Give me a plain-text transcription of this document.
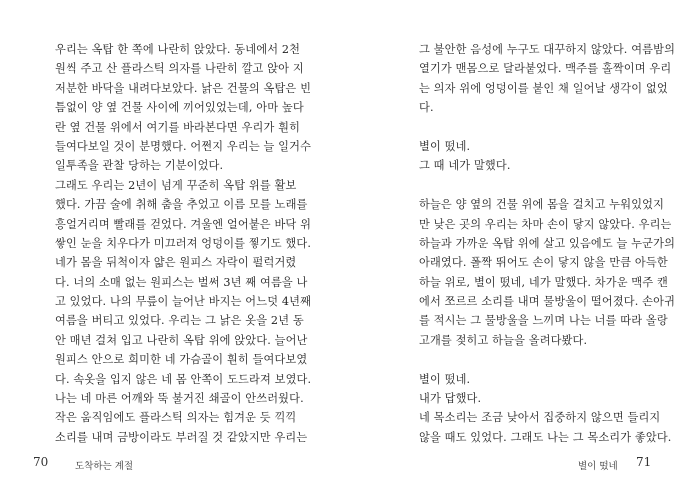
우리는 옥탑 한 쪽에 나란히 앉았다. 동네에서 2천
원씩 주고 산 플라스틱 의자를 나란히 깔고 앉아 지
저분한 바닥을 내려다보았다. 낡은 건물의 옥탑은 빈
틈없이 양 옆 건물 사이에 끼어있었는데, 아마 높다
란 옆 건물 위에서 여기를 바라본다면 우리가 훤히
들여다보일 것이 분명했다. 어쩐지 우리는 늘 일거수
일투족을 관찰 당하는 기분이었다.
그래도 우리는 2년이 넘게 꾸준히 옥탑 위를 활보
했다. 가끔 술에 취해 춤을 추었고 이름 모를 노래를
흥얼거리며 빨래를 걷었다. 겨울엔 얼어붙은 바닥 위
쌓인 눈을 치우다가 미끄러져 엉덩이를 찧기도 했다.
네가 몸을 뒤척이자 얇은 원피스 자락이 펄럭거렸
다. 너의 소매 없는 원피스는 벌써 3년 째 여름을 나
고 있었다. 나의 무릎이 늘어난 바지는 어느덧 4년째
여름을 버티고 있었다. 우리는 그 낡은 옷을 2년 동
안 매년 걸쳐 입고 나란히 옥탑 위에 앉았다. 늘어난
원피스 안으로 희미한 네 가슴골이 훤히 들여다보였
다. 속옷을 입지 않은 네 몸 안쪽이 도드라져 보였다.
나는 네 마른 어깨와 뚝 불거진 쇄골이 안쓰러웠다.
작은 움직임에도 플라스틱 의자는 힘겨운 듯 끽끽
소리를 내며 금방이라도 부러질 것 같았지만 우리는
70	도착하는 계절
그 불안한 음성에 누구도 대꾸하지 않았다. 여름밤의
열기가 맨몸으로 달라붙었다. 맥주를 홀짝이며 우리
는 의자 위에 엉덩이를 붙인 채 일어날 생각이 없었
다.
별이 떴네.
그 때 네가 말했다.
하늘은 양 옆의 건물 위에 몸을 걸치고 누워있었지
만 낮은 곳의 우리는 차마 손이 닿지 않았다. 우리는
하늘과 가까운 옥탑 위에 살고 있음에도 늘 누군가의
아래였다. 폴짝 뛰어도 손이 닿지 않을 만큼 아득한
하늘 위로, 별이 떴네, 네가 말했다. 차가운 맥주 캔
에서 쪼르르 소리를 내며 물방울이 떨어졌다. 손아귀
를 적시는 그 물방울을 느끼며 나는 너를 따라 올랑
고개를 젖히고 하늘을 올려다봤다.
별이 떴네.
내가 답했다.
네 목소리는 조금 낮아서 집중하지 않으면 들리지
않을 때도 있었다. 그래도 나는 그 목소리가 좋았다.
별이 떴네 71
